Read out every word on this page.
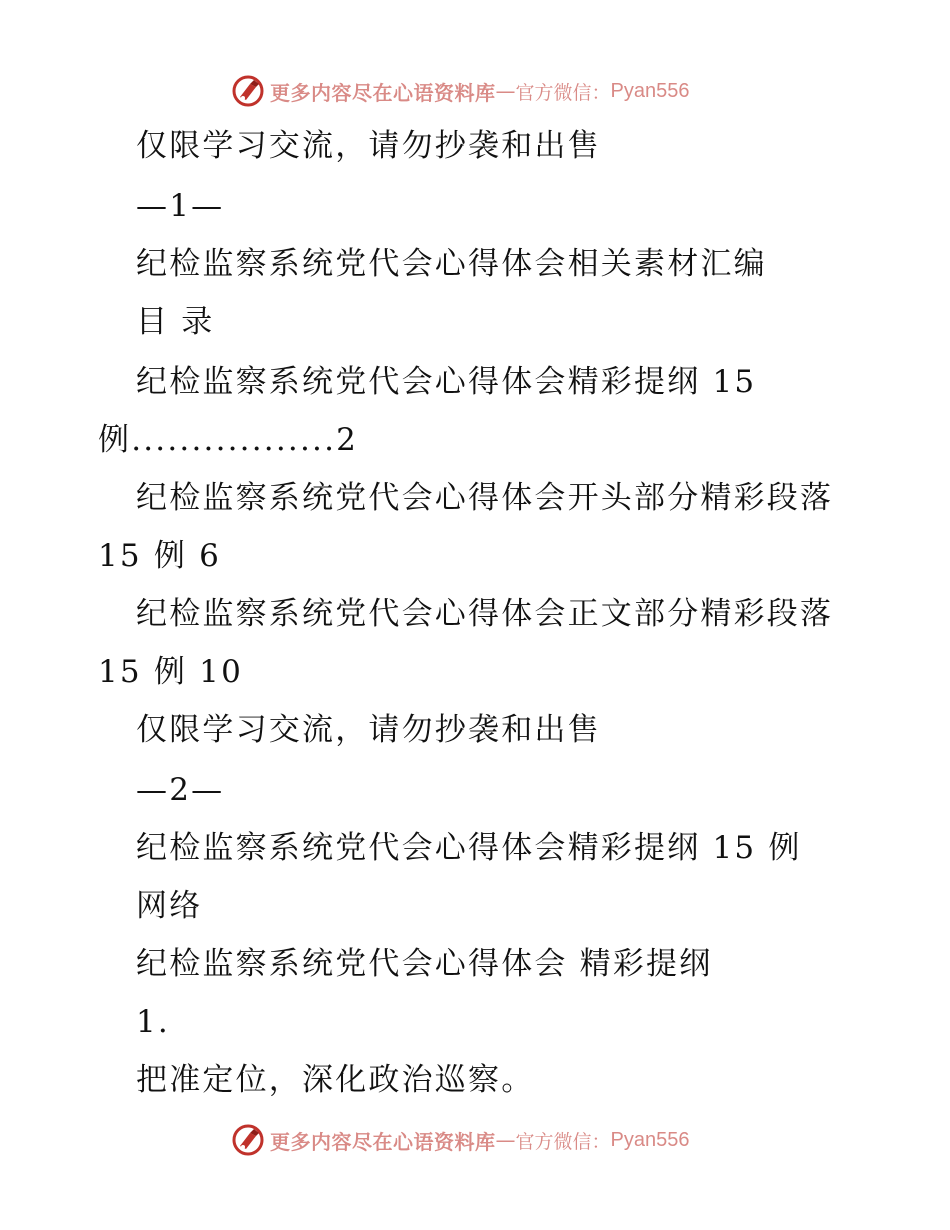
更多内容尽在心语资料库 — 官方微信： Pyan556
仅限学习交流，请勿抄袭和出售
—1—
纪检监察系统党代会心得体会相关素材汇编
目 录
纪检监察系统党代会心得体会精彩提纲 15
例.................2
纪检监察系统党代会心得体会开头部分精彩段落
15 例 6
纪检监察系统党代会心得体会正文部分精彩段落
15 例 10
仅限学习交流，请勿抄袭和出售
—2—
纪检监察系统党代会心得体会精彩提纲 15 例
网络
纪检监察系统党代会心得体会 精彩提纲
1.
把准定位，深化政治巡察。
更多内容尽在心语资料库 — 官方微信： Pyan556
